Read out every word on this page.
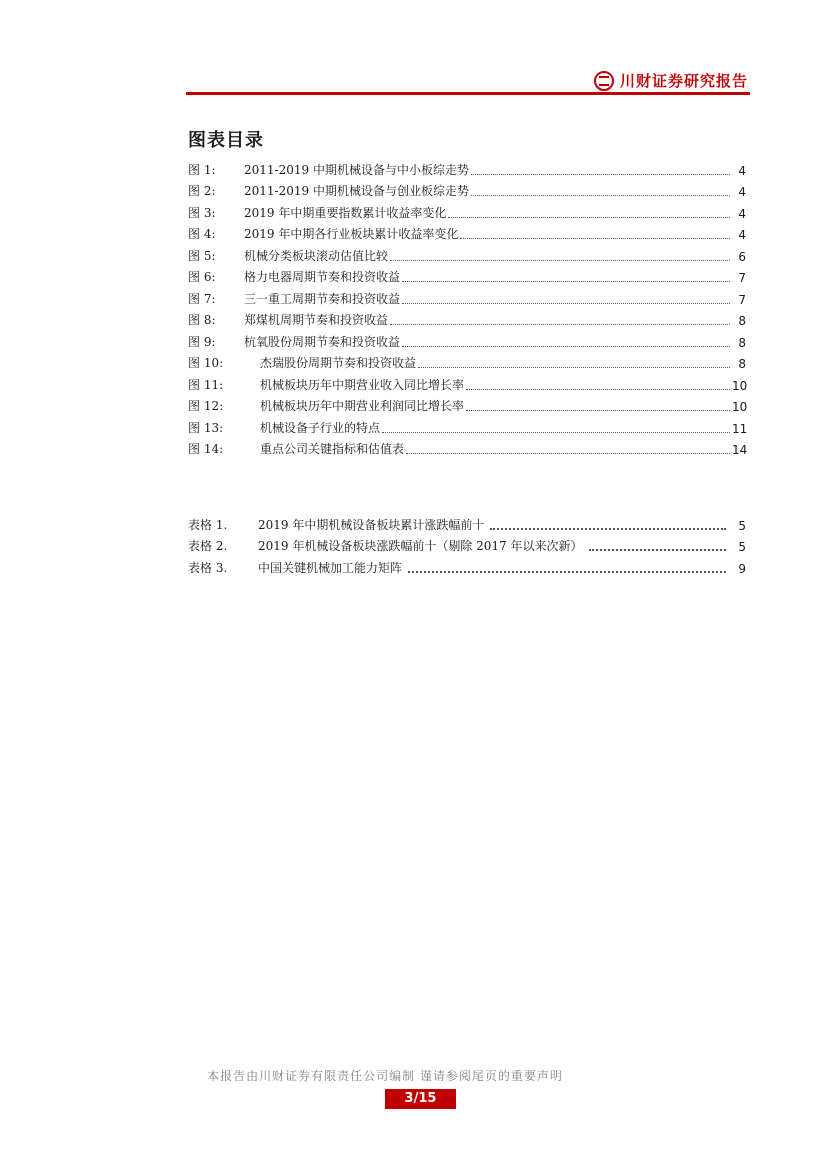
川财证券研究报告
图表目录
图 1:	2011-2019 中期机械设备与中小板综走势	4
图 2:	2011-2019 中期机械设备与创业板综走势	4
图 3:	2019 年中期重要指数累计收益率变化	4
图 4:	2019 年中期各行业板块累计收益率变化	4
图 5:	机械分类板块滚动估值比较	6
图 6:	格力电器周期节奏和投资收益	7
图 7:	三一重工周期节奏和投资收益	7
图 8:	郑煤机周期节奏和投资收益	8
图 9:	杭氧股份周期节奏和投资收益	8
图 10:	杰瑞股份周期节奏和投资收益	8
图 11:	机械板块历年中期营业收入同比增长率	10
图 12:	机械板块历年中期营业利润同比增长率	10
图 13:	机械设备子行业的特点	11
图 14:	重点公司关键指标和估值表	14
表格 1.	2019 年中期机械设备板块累计涨跌幅前十	5
表格 2.	2019 年机械设备板块涨跌幅前十（剔除 2017 年以来次新）	5
表格 3.	中国关键机械加工能力矩阵	9
本报告由川财证券有限责任公司编制 谨请参阅尾页的重要声明
3/15
